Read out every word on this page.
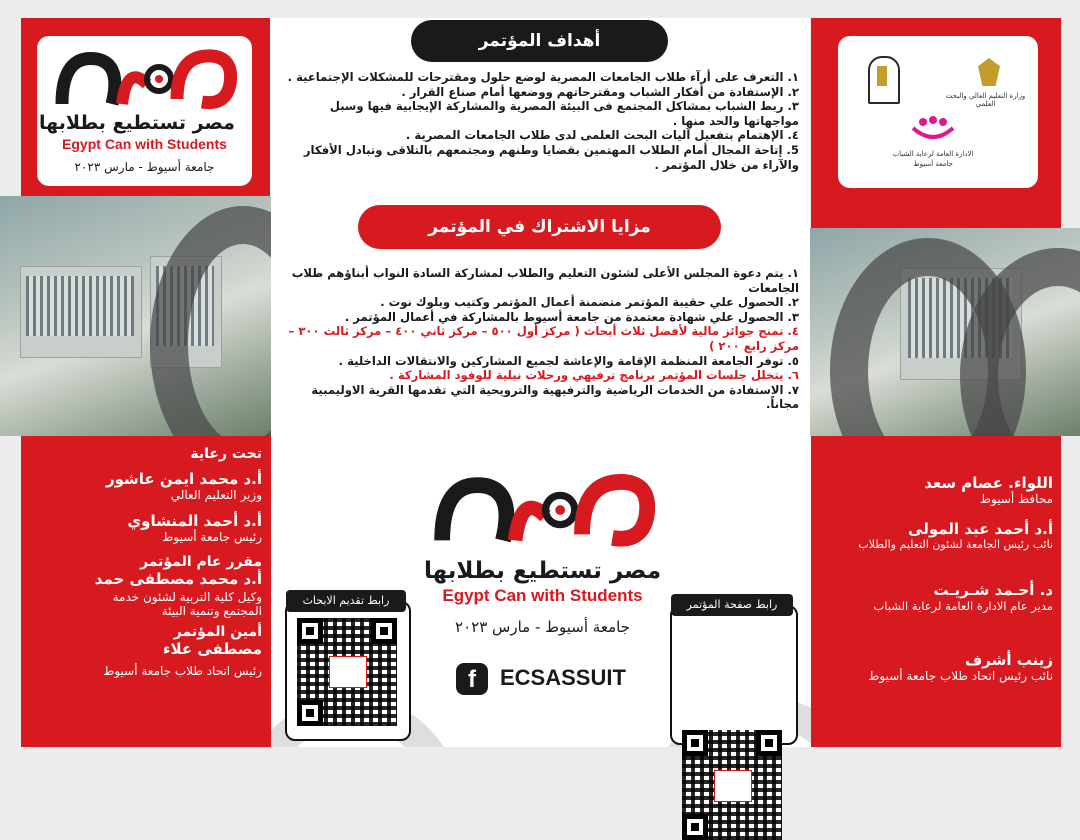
مصر تستطيع بطلابها
Egypt Can with Students
جامعة أسيوط - مارس ٢٠٢٣
وزارة التعليم العالي والبحث العلمي
الادارة العامة لرعاية الشباب
جامعة أسيوط
أهداف المؤتمر
١. التعرف على أرآء طلاب الجامعات المصرية لوضع حلول ومقترحات للمشكلات الإجتماعية .
٢. الإستفادة من أفكار الشباب ومقترحاتهم ووضعها أمام صناع القرار .
٣. ربط الشباب بمشاكل المجتمع فى البيئة المصرية والمشاركة الإيجابية فيها وسبل مواجهاتها والحد منها .
٤. الإهتمام بتفعيل آليات البحث العلمى لدى طلاب الجامعات المصرية .
5. إتاحة المجال أمام الطلاب المهتمين بقضايا وطنهم ومجتمعهم بالتلاقى وتبادل الأفكار والآراء من خلال المؤتمر .
مزايا الاشتراك في المؤتمر
١. يتم دعوة المجلس الأعلى لشئون التعليم والطلاب لمشاركة السادة النواب أبناؤهم طلاب الجامعات
٢. الحصول علي حقيبة المؤتمر متضمنة أعمال المؤتمر وكتيب وبلوك نوت .
٣. الحصول علي شهادة معتمدة من جامعة أسيوط بالمشاركة في أعمال المؤتمر .
٤. تمنح جوائز مالية لأفضل ثلاث أبحاث ( مركز أول ٥٠٠ – مركز ثاني ٤٠٠ – مركز ثالث ٣٠٠ – مركز رابع ٢٠٠ )
٥. توفر الجامعة المنظمة الإقامة والإعاشة لجميع المشاركين والانتقالات الداخلية .
٦. يتخلل جلسات المؤتمر برنامج ترفيهي ورحلات نيلية للوفود المشاركة .
٧. الاستفادة من الخدمات الرياضية والترفيهية والترويحية التي تقدمها القرية الاوليمبية مجاناً.
تحت رعاية
أ.د محمد ايمن عاشور
وزير التعليم العالي
أ.د أحمد المنشاوي
رئيس جامعة أسيوط
مقرر عام المؤتمر
أ.د محمد مصطفى حمد
وكيل كلية التربية لشئون خدمة المجتمع وتنمية البيئة
أمين المؤتمر
مصطفى علاء
رئيس اتحاد طلاب جامعة أسيوط
اللواء. عصام سعد
محافظ أسيوط
أ.د أحمد عبد المولى
نائب رئيس الجامعة لشئون التعليم والطلاب
د. أحـمد شـريـت
مدير عام الادارة العامة لرعاية الشباب
زينب أشرف
نائب رئيس اتحاد طلاب جامعة أسيوط
مصر تستطيع بطلابها
Egypt Can with Students
جامعة أسيوط - مارس ٢٠٢٣
f	ECSASSUIT
رابط تقديم الابحاث	رابط صفحة المؤتمر
